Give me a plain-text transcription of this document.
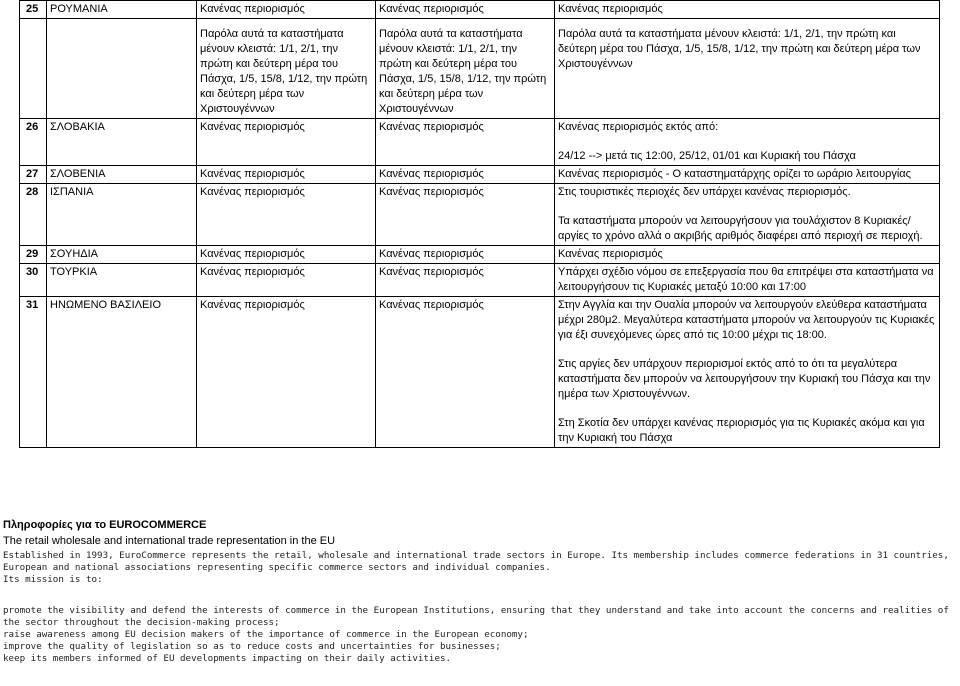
25	ΡΟΥΜΑΝΙΑ	Κανένας περιορισμός	Κανένας περιορισμός	Κανένας περιορισμός
		Παρόλα αυτά τα καταστήματα μένουν κλειστά: 1/1, 2/1, την πρώτη και δεύτερη μέρα του Πάσχα, 1/5, 15/8, 1/12, την πρώτη και δεύτερη μέρα των Χριστουγέννων	Παρόλα αυτά τα καταστήματα μένουν κλειστά: 1/1, 2/1, την πρώτη και δεύτερη μέρα του Πάσχα, 1/5, 15/8, 1/12, την πρώτη και δεύτερη μέρα των Χριστουγέννων	Παρόλα αυτά τα καταστήματα μένουν κλειστά: 1/1, 2/1, την πρώτη και δεύτερη μέρα του Πάσχα, 1/5, 15/8, 1/12, την πρώτη και δεύτερη μέρα των Χριστουγέννων
26	ΣΛΟΒΑΚΙΑ	Κανένας περιορισμός	Κανένας περιορισμός	Κανένας περιορισμός εκτός από:
24/12 --> μετά τις 12:00, 25/12, 01/01 και Κυριακή του Πάσχα

27	ΣΛΟΒΕΝΙΑ	Κανένας περιορισμός	Κανένας περιορισμός	Κανένας περιορισμός - Ο καταστηματάρχης ορίζει το ωράριο λειτουργίας
28	ΙΣΠΑΝΙΑ	Κανένας περιορισμός	Κανένας περιορισμός	Στις τουριστικές περιοχές δεν υπάρχει κανένας περιορισμός.
Τα καταστήματα μπορούν να λειτουργήσουν για τουλάχιστον 8 Κυριακές/αργίες το χρόνο αλλά ο ακριβής αριθμός διαφέρει από περιοχή σε περιοχή.

29	ΣΟΥΗΔΙΑ	Κανένας περιορισμός	Κανένας περιορισμός	Κανένας περιορισμός
30	ΤΟΥΡΚΙΑ	Κανένας περιορισμός	Κανένας περιορισμός	Υπάρχει σχέδιο νόμου σε επεξεργασία που θα επιτρέψει στα καταστήματα να λειτουργήσουν τις Κυριακές μεταξύ 10:00 και 17:00
31	ΗΝΩΜΕΝΟ ΒΑΣΙΛΕΙΟ	Κανένας περιορισμός	Κανένας περιορισμός	Στην Αγγλία και την Ουαλία μπορούν να λειτουργούν ελεύθερα καταστήματα μέχρι 280μ2. Μεγαλύτερα καταστήματα μπορούν να λειτουργούν τις Κυριακές για έξι συνεχόμενες ώρες από τις 10:00 μέχρι τις 18:00.
Στις αργίες δεν υπάρχουν περιορισμοί εκτός από το ότι τα μεγαλύτερα καταστήματα δεν μπορούν να λειτουργήσουν την Κυριακή του Πάσχα και την ημέρα των Χριστουγέννων.
Στη Σκοτία δεν υπάρχει κανένας περιορισμός για τις Κυριακές ακόμα και για την Κυριακή του Πάσχα
Πληροφορίες για το EUROCOMMERCE
The retail wholesale and international trade representation in the EU

Established in 1993, EuroCommerce represents the retail, wholesale and international trade sectors in Europe. Its membership includes commerce federations in 31 countries, European and national associations representing specific commerce sectors and individual companies.

Its mission is to:

promote the visibility and defend the interests of commerce in the European Institutions, ensuring that they understand and take into account the concerns and realities of the sector throughout the decision-making process;

raise awareness among EU decision makers of the importance of commerce in the European economy;

improve the quality of legislation so as to reduce costs and uncertainties for businesses;

keep its members informed of EU developments impacting on their daily activities.
